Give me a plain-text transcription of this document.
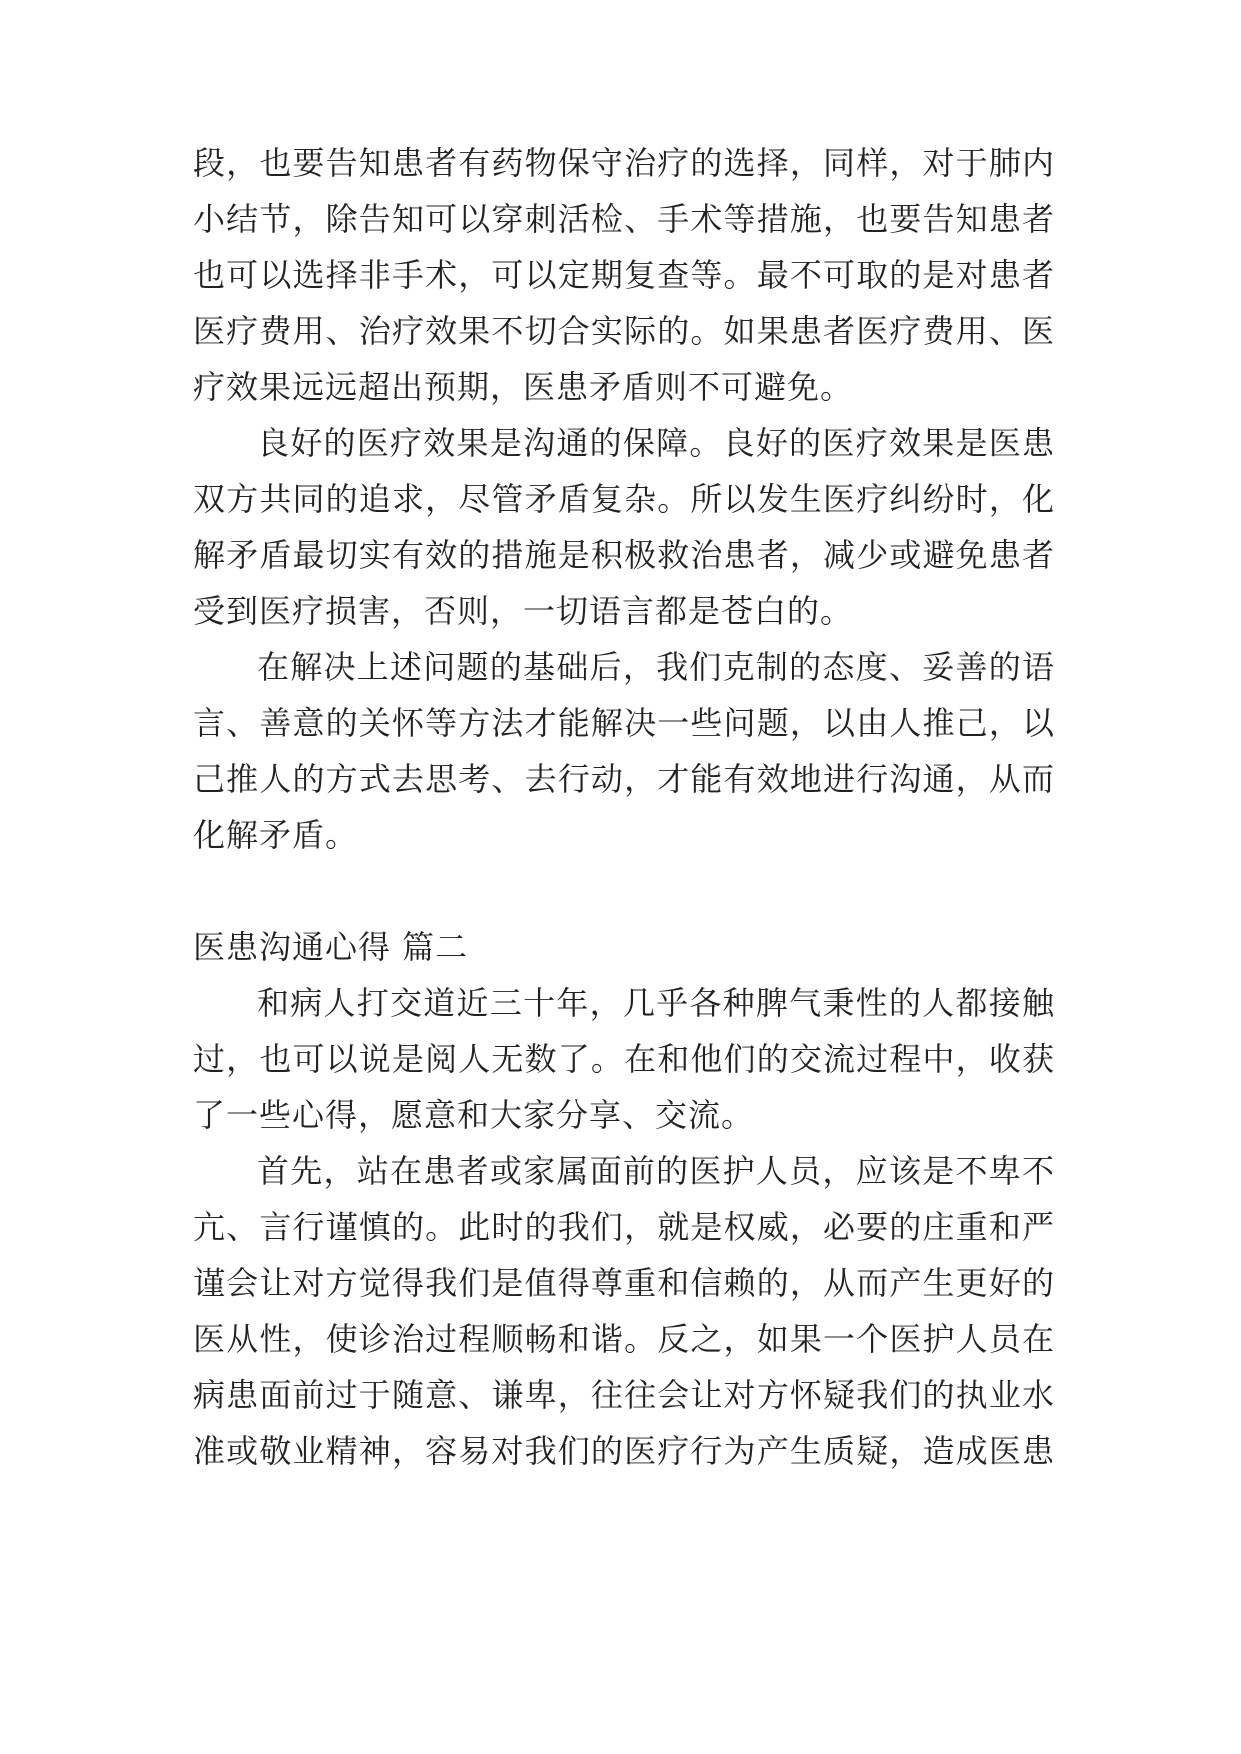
段，也要告知患者有药物保守治疗的选择，同样，对于肺内
小结节，除告知可以穿刺活检、手术等措施，也要告知患者
也可以选择非手术，可以定期复查等。最不可取的是对患者
医疗费用、治疗效果不切合实际的。如果患者医疗费用、医
疗效果远远超出预期，医患矛盾则不可避免。
良好的医疗效果是沟通的保障。良好的医疗效果是医患
双方共同的追求，尽管矛盾复杂。所以发生医疗纠纷时，化
解矛盾最切实有效的措施是积极救治患者，减少或避免患者
受到医疗损害，否则，一切语言都是苍白的。
在解决上述问题的基础后，我们克制的态度、妥善的语
言、善意的关怀等方法才能解决一些问题，以由人推己，以
己推人的方式去思考、去行动，才能有效地进行沟通，从而
化解矛盾。
医患沟通心得 篇二
和病人打交道近三十年，几乎各种脾气秉性的人都接触
过，也可以说是阅人无数了。在和他们的交流过程中，收获
了一些心得，愿意和大家分享、交流。
首先，站在患者或家属面前的医护人员，应该是不卑不
亢、言行谨慎的。此时的我们，就是权威，必要的庄重和严
谨会让对方觉得我们是值得尊重和信赖的，从而产生更好的
医从性，使诊治过程顺畅和谐。反之，如果一个医护人员在
病患面前过于随意、谦卑，往往会让对方怀疑我们的执业水
准或敬业精神，容易对我们的医疗行为产生质疑，造成医患
